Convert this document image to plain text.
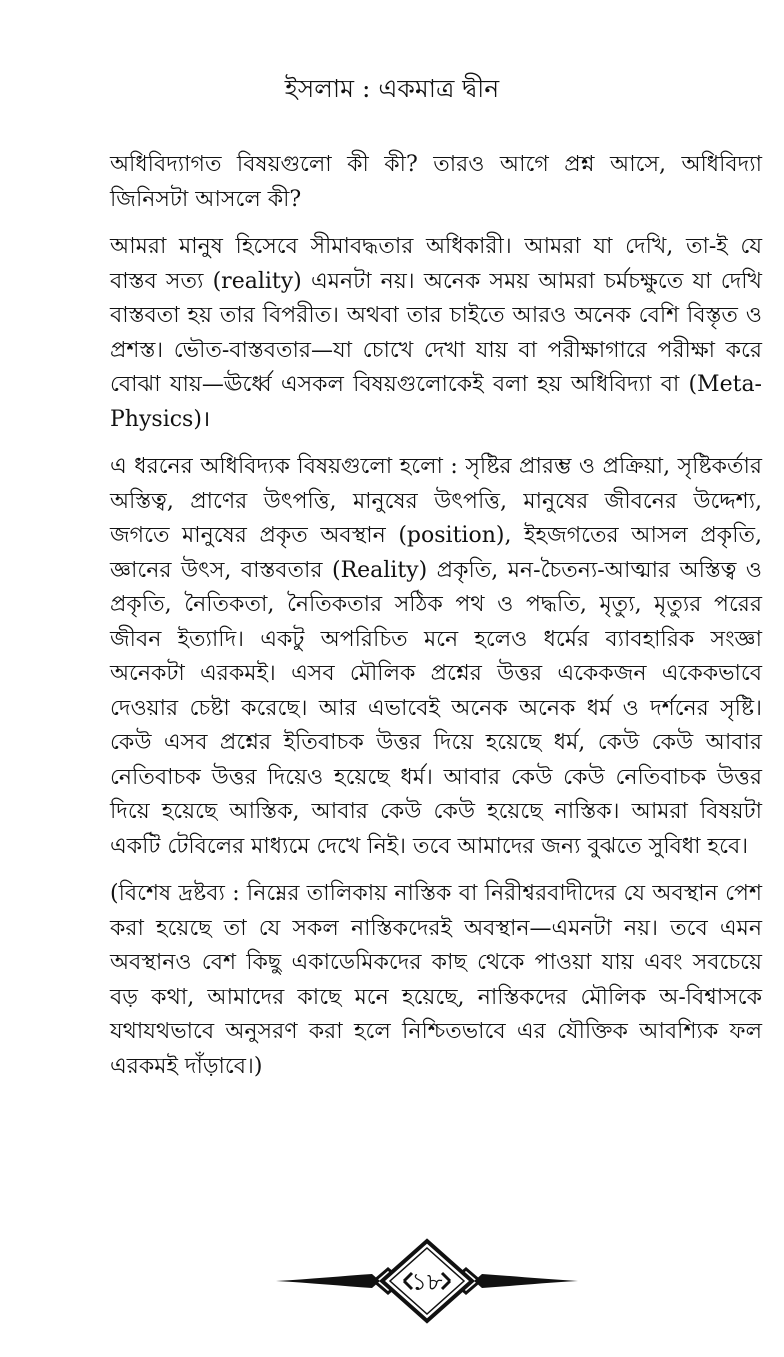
ইসলাম : একমাত্র দ্বীন

অধিবিদ্যাগত বিষয়গুলো কী কী? তারও আগে প্রশ্ন আসে, অধিবিদ্যা জিনিসটা আসলে কী?

আমরা মানুষ হিসেবে সীমাবদ্ধতার অধিকারী। আমরা যা দেখি, তা-ই যে বাস্তব সত্য (reality) এমনটা নয়। অনেক সময় আমরা চর্মচক্ষুতে যা দেখি বাস্তবতা হয় তার বিপরীত। অথবা তার চাইতে আরও অনেক বেশি বিস্তৃত ও প্রশস্ত। ভৌত-বাস্তবতার—যা চোখে দেখা যায় বা পরীক্ষাগারে পরীক্ষা করে বোঝা যায়—ঊর্ধ্বে এসকল বিষয়গুলোকেই বলা হয় অধিবিদ্যা বা (Meta-Physics)।

এ ধরনের অধিবিদ্যক বিষয়গুলো হলো : সৃষ্টির প্রারম্ভ ও প্রক্রিয়া, সৃষ্টিকর্তার অস্তিত্ব, প্রাণের উৎপত্তি, মানুষের উৎপত্তি, মানুষের জীবনের উদ্দেশ্য, জগতে মানুষের প্রকৃত অবস্থান (position), ইহজগতের আসল প্রকৃতি, জ্ঞানের উৎস, বাস্তবতার (Reality) প্রকৃতি, মন-চৈতন্য-আত্মার অস্তিত্ব ও প্রকৃতি, নৈতিকতা, নৈতিকতার সঠিক পথ ও পদ্ধতি, মৃত্যু, মৃত্যুর পরের জীবন ইত্যাদি। একটু অপরিচিত মনে হলেও ধর্মের ব্যাবহারিক সংজ্ঞা অনেকটা এরকমই। এসব মৌলিক প্রশ্নের উত্তর একেকজন একেকভাবে দেওয়ার চেষ্টা করেছে। আর এভাবেই অনেক অনেক ধর্ম ও দর্শনের সৃষ্টি। কেউ এসব প্রশ্নের ইতিবাচক উত্তর দিয়ে হয়েছে ধর্ম, কেউ কেউ আবার নেতিবাচক উত্তর দিয়েও হয়েছে ধর্ম। আবার কেউ কেউ নেতিবাচক উত্তর দিয়ে হয়েছে আস্তিক, আবার কেউ কেউ হয়েছে নাস্তিক। আমরা বিষয়টা একটি টেবিলের মাধ্যমে দেখে নিই। তবে আমাদের জন্য বুঝতে সুবিধা হবে।

(বিশেষ দ্রষ্টব্য : নিম্নের তালিকায় নাস্তিক বা নিরীশ্বরবাদীদের যে অবস্থান পেশ করা হয়েছে তা যে সকল নাস্তিকদেরই অবস্থান—এমনটা নয়। তবে এমন অবস্থানও বেশ কিছু একাডেমিকদের কাছ থেকে পাওয়া যায় এবং সবচেয়ে বড় কথা, আমাদের কাছে মনে হয়েছে, নাস্তিকদের মৌলিক অ-বিশ্বাসকে যথাযথভাবে অনুসরণ করা হলে নিশ্চিতভাবে এর যৌক্তিক আবশ্যিক ফল এরকমই দাঁড়াবে।)

১৮
